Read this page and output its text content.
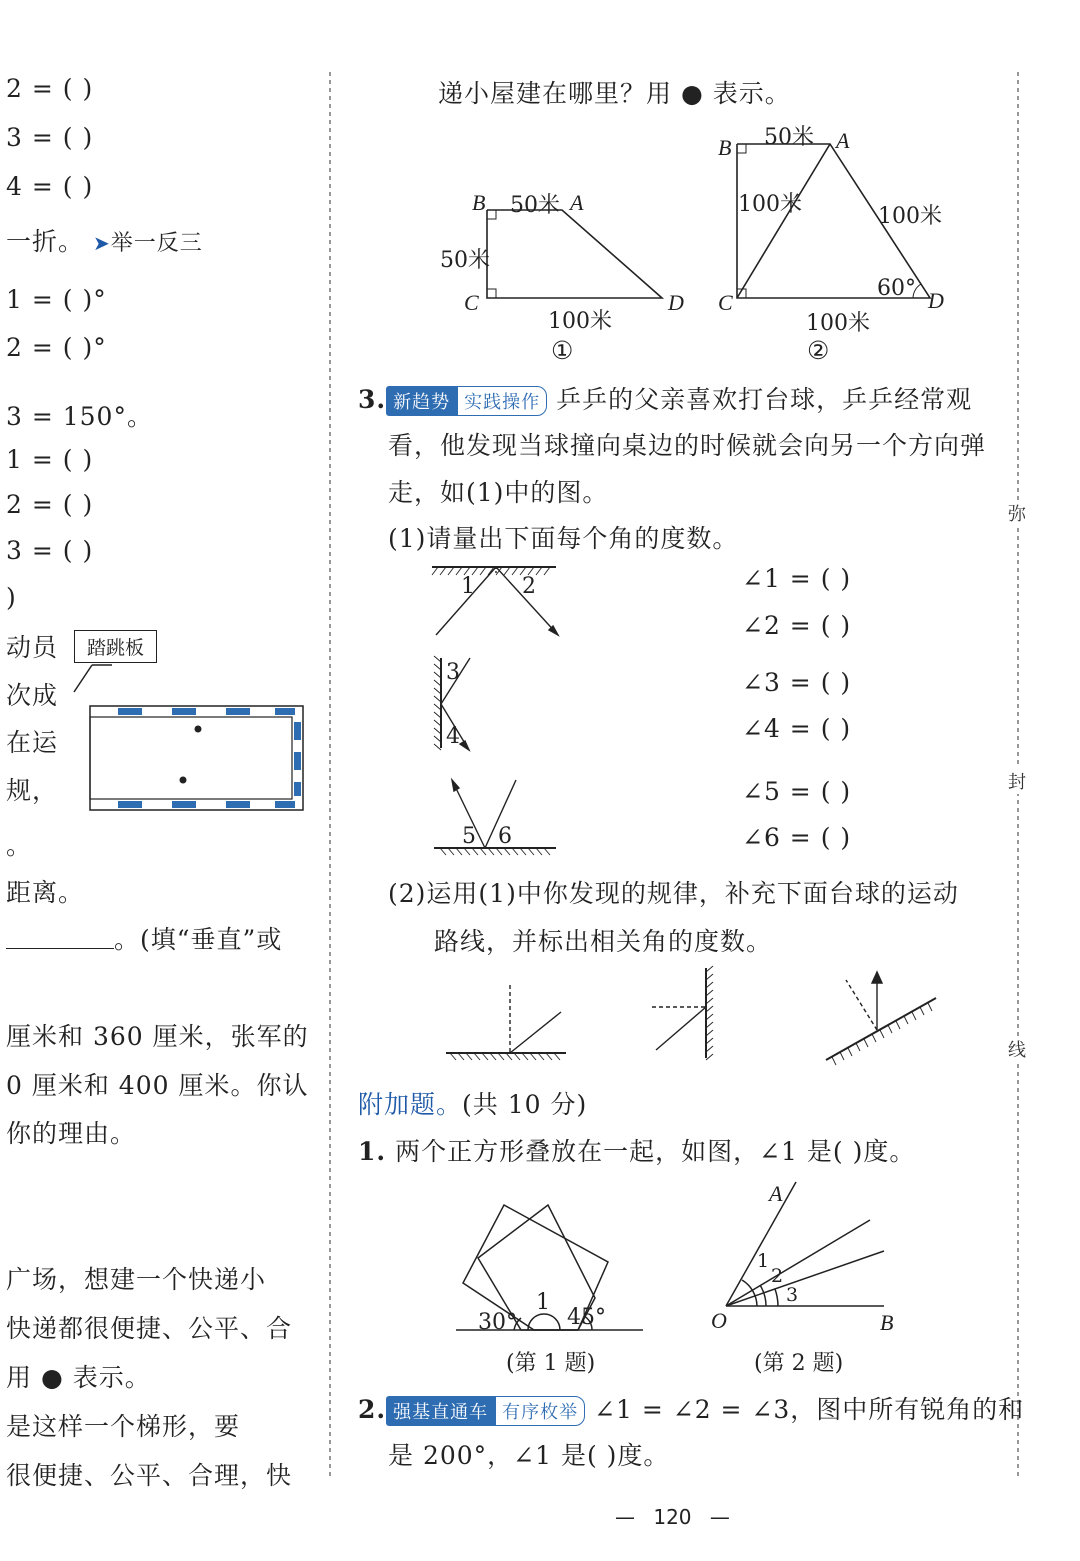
2 = ( )
3 = ( )
4 = ( )
一折。 ➤举一反三
1 = ( )°
2 = ( )°
3 = 150°。
1 = ( )
2 = ( )
3 = ( )
)
动员
次成
在运
规，
。
距离。
。(填“垂直”或
厘米和 360 厘米，张军的
0 厘米和 400 厘米。你认
你的理由。
广场，想建一个快递小
快递都很便捷、公平、合
用 ● 表示。
是这样一个梯形，要
很便捷、公平、合理，快
踏跳板
递小屋建在哪里？用 ● 表示。
B 50米 A
50米
C	D
100米
①
B 50米 A
100米	100米
60°
C	D
100米
②
3. 新趋势 实践操作 乒乒的父亲喜欢打台球，乒乒经常观
看，他发现当球撞向桌边的时候就会向另一个方向弹
走，如(1)中的图。
(1)请量出下面每个角的度数。
1 2
3
4
5 6
∠1 = ( )
∠2 = ( )
∠3 = ( )
∠4 = ( )
∠5 = ( )
∠6 = ( )
(2)运用(1)中你发现的规律，补充下面台球的运动
路线，并标出相关角的度数。
附加题。(共 10 分)
1. 两个正方形叠放在一起，如图，∠1 是( )度。
30°
1
45°
(第 1 题)
A
O	B
1
2
3
(第 2 题)
2. 强基直通车 有序枚举 ∠1 = ∠2 = ∠3，图中所有锐角的和
是 200°，∠1 是( )度。
弥
封
线
— 120 —
